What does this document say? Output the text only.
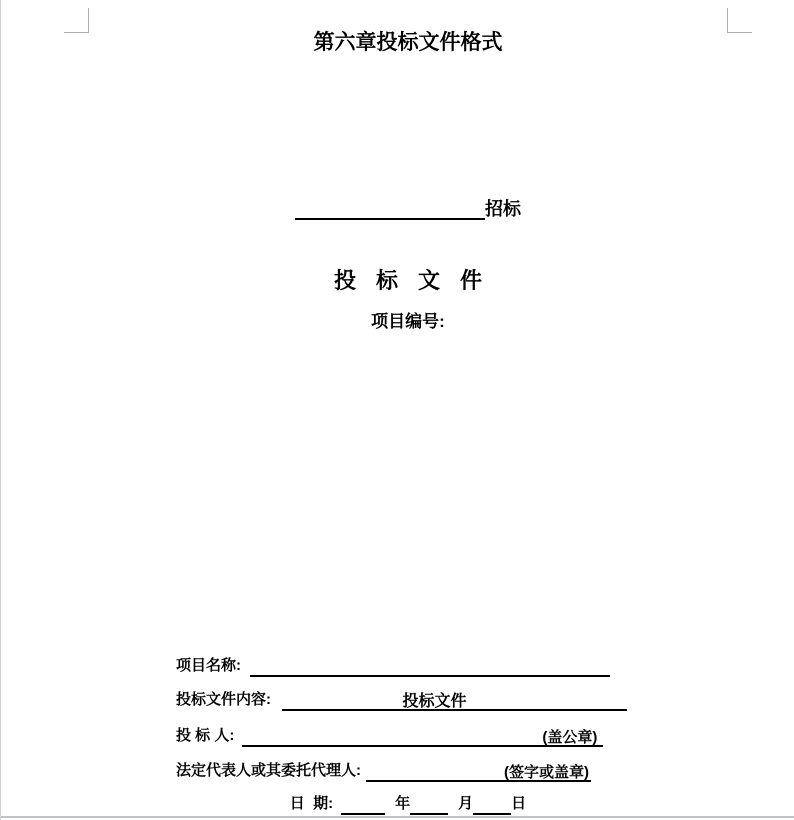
第六章投标文件格式
招标
投标文件
项目编号:
项目名称:
投标文件内容:	投标文件
投 标 人:	(盖公章)
法定代表人或其委托代理人:	(签字或盖章)
日  期:	年	月	日
